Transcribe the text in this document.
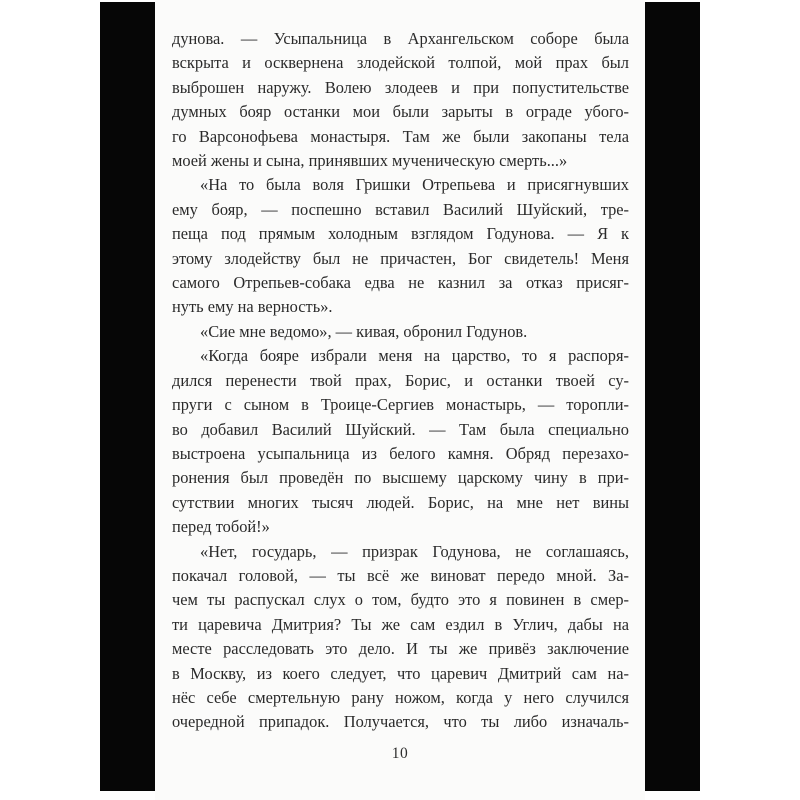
дунова. — Усыпальница в Архангельском соборе была
вскрыта и осквернена злодейской толпой, мой прах был
выброшен наружу. Волею злодеев и при попустительстве
думных бояр останки мои были зарыты в ограде убого-
го Варсонофьева монастыря. Там же были закопаны тела
моей жены и сына, принявших мученическую смерть...»
«На то была воля Гришки Отрепьева и присягнувших
ему бояр, — поспешно вставил Василий Шуйский, тре-
пеща под прямым холодным взглядом Годунова. — Я к
этому злодейству был не причастен, Бог свидетель! Меня
самого Отрепьев-собака едва не казнил за отказ присяг-
нуть ему на верность».
«Сие мне ведомо», — кивая, обронил Годунов.
«Когда бояре избрали меня на царство, то я распоря-
дился перенести твой прах, Борис, и останки твоей су-
пруги с сыном в Троице-Сергиев монастырь, — торопли-
во добавил Василий Шуйский. — Там была специально
выстроена усыпальница из белого камня. Обряд перезахо-
ронения был проведён по высшему царскому чину в при-
сутствии многих тысяч людей. Борис, на мне нет вины
перед тобой!»
«Нет, государь, — призрак Годунова, не соглашаясь,
покачал головой, — ты всё же виноват передо мной. За-
чем ты распускал слух о том, будто это я повинен в смер-
ти царевича Дмитрия? Ты же сам ездил в Углич, дабы на
месте расследовать это дело. И ты же привёз заключение
в Москву, из коего следует, что царевич Дмитрий сам на-
нёс себе смертельную рану ножом, когда у него случился
очередной припадок. Получается, что ты либо изначаль-
10
